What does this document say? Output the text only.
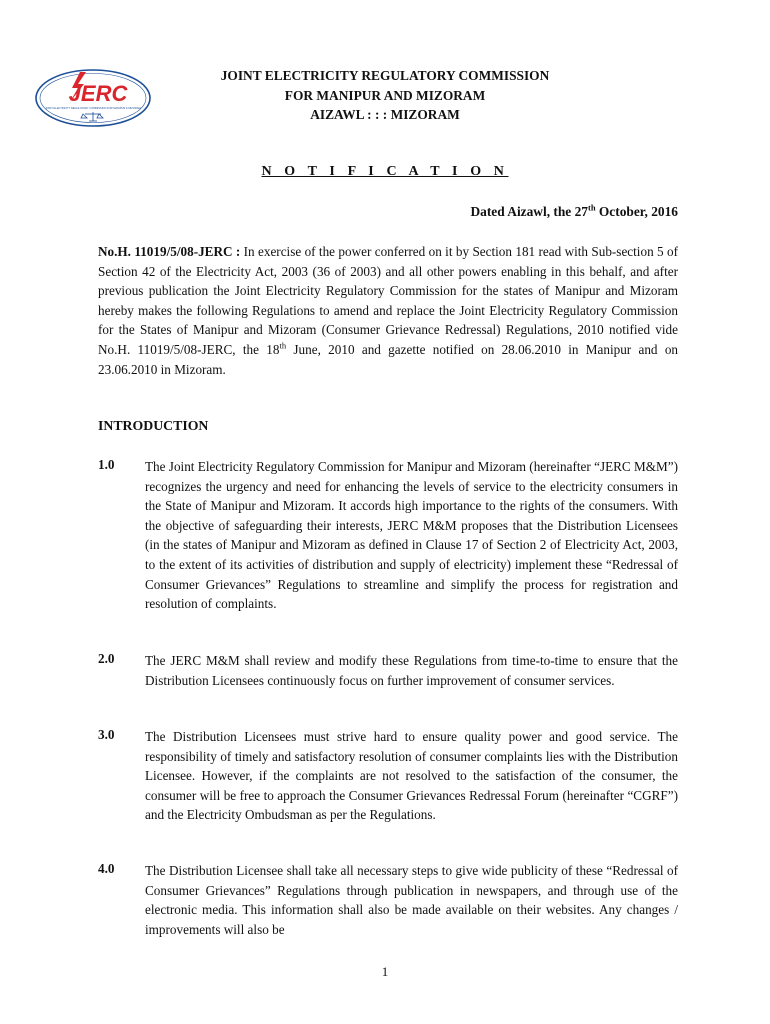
JERC
JOINT ELECTRICITY REGULATORY COMMISSION FOR MANIPUR & MIZORAM
JOINT ELECTRICITY REGULATORY COMMISSION
FOR MANIPUR AND MIZORAM
AIZAWL : : : MIZORAM
N O T I F I C A T I O N
Dated Aizawl, the 27th October, 2016
No.H. 11019/5/08-JERC : In exercise of the power conferred on it by Section 181 read with Sub-section 5 of Section 42 of the Electricity Act, 2003 (36 of 2003) and all other powers enabling in this behalf, and after previous publication the Joint Electricity Regulatory Commission for the states of Manipur and Mizoram hereby makes the following Regulations to amend and replace the Joint Electricity Regulatory Commission for the States of Manipur and Mizoram (Consumer Grievance Redressal) Regulations, 2010 notified vide No.H. 11019/5/08-JERC, the 18th June, 2010 and gazette notified on 28.06.2010 in Manipur and on 23.06.2010 in Mizoram.
INTRODUCTION
1.0 The Joint Electricity Regulatory Commission for Manipur and Mizoram (hereinafter “JERC M&M”) recognizes the urgency and need for enhancing the levels of service to the electricity consumers in the State of Manipur and Mizoram. It accords high importance to the rights of the consumers. With the objective of safeguarding their interests, JERC M&M proposes that the Distribution Licensees (in the states of Manipur and Mizoram as defined in Clause 17 of Section 2 of Electricity Act, 2003, to the extent of its activities of distribution and supply of electricity) implement these “Redressal of Consumer Grievances” Regulations to streamline and simplify the process for registration and resolution of complaints.
2.0 The JERC M&M shall review and modify these Regulations from time-to-time to ensure that the Distribution Licensees continuously focus on further improvement of consumer services.
3.0 The Distribution Licensees must strive hard to ensure quality power and good service. The responsibility of timely and satisfactory resolution of consumer complaints lies with the Distribution Licensee. However, if the complaints are not resolved to the satisfaction of the consumer, the consumer will be free to approach the Consumer Grievances Redressal Forum (hereinafter “CGRF”) and the Electricity Ombudsman as per the Regulations.
4.0 The Distribution Licensee shall take all necessary steps to give wide publicity of these “Redressal of Consumer Grievances” Regulations through publication in newspapers, and through use of the electronic media. This information shall also be made available on their websites. Any changes / improvements will also be
1
